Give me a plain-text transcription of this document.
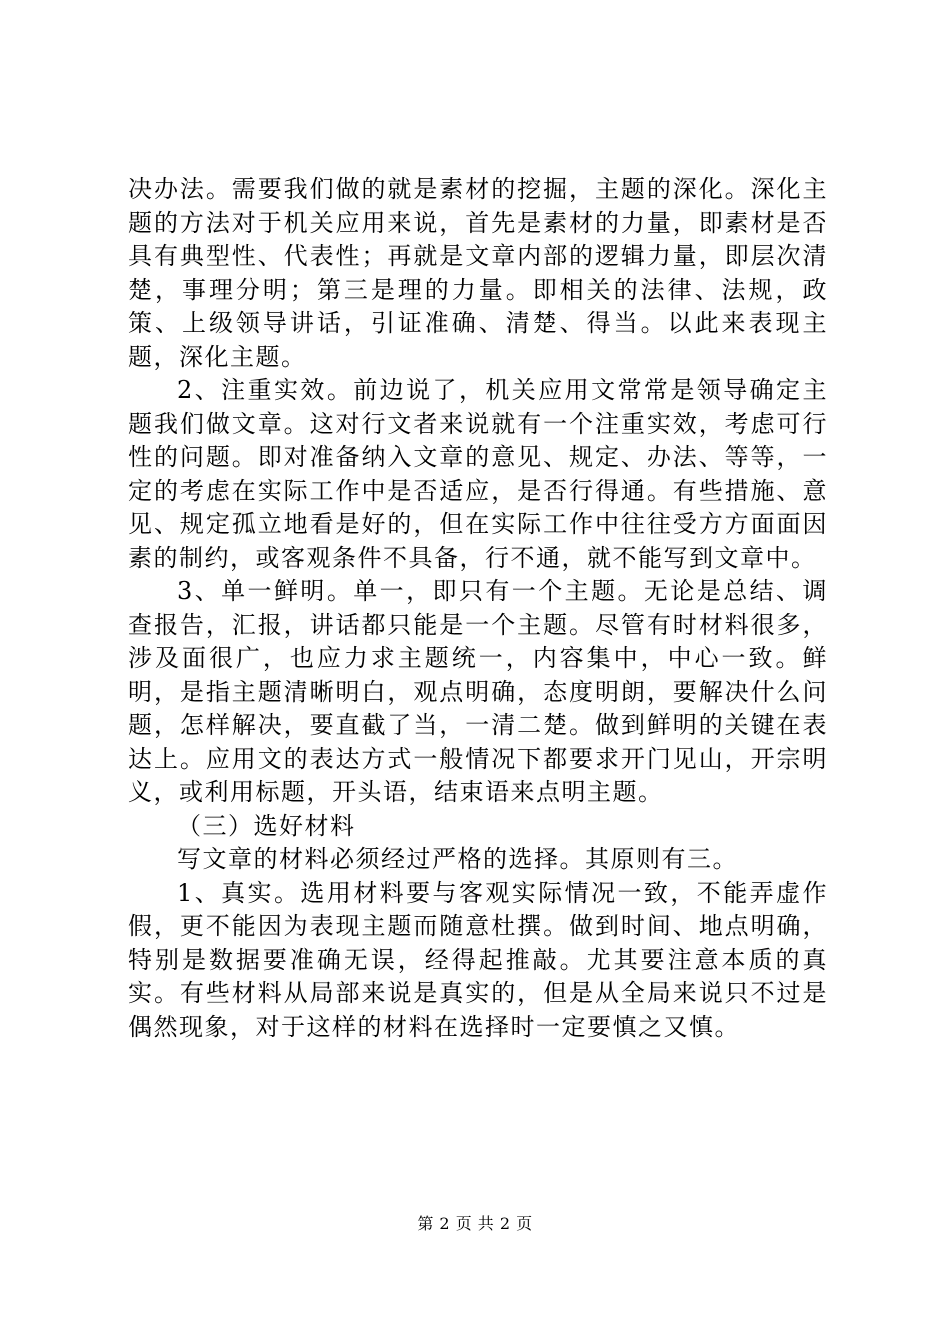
决办法。需要我们做的就是素材的挖掘，主题的深化。深化主题的方法对于机关应用来说，首先是素材的力量，即素材是否具有典型性、代表性；再就是文章内部的逻辑力量，即层次清楚，事理分明；第三是理的力量。即相关的法律、法规，政策、上级领导讲话，引证准确、清楚、得当。以此来表现主题，深化主题。

2、注重实效。前边说了，机关应用文常常是领导确定主题我们做文章。这对行文者来说就有一个注重实效，考虑可行性的问题。即对准备纳入文章的意见、规定、办法、等等，一定的考虑在实际工作中是否适应，是否行得通。有些措施、意见、规定孤立地看是好的，但在实际工作中往往受方方面面因素的制约，或客观条件不具备，行不通，就不能写到文章中。

3、单一鲜明。单一，即只有一个主题。无论是总结、调查报告，汇报，讲话都只能是一个主题。尽管有时材料很多，涉及面很广，也应力求主题统一，内容集中，中心一致。鲜明，是指主题清晰明白，观点明确，态度明朗，要解决什么问题，怎样解决，要直截了当，一清二楚。做到鲜明的关键在表达上。应用文的表达方式一般情况下都要求开门见山，开宗明义，或利用标题，开头语，结束语来点明主题。

（三）选好材料

写文章的材料必须经过严格的选择。其原则有三。

1、真实。选用材料要与客观实际情况一致，不能弄虚作假，更不能因为表现主题而随意杜撰。做到时间、地点明确，特别是数据要准确无误，经得起推敲。尤其要注意本质的真实。有些材料从局部来说是真实的，但是从全局来说只不过是偶然现象，对于这样的材料在选择时一定要慎之又慎。

第 2 页 共 2 页
